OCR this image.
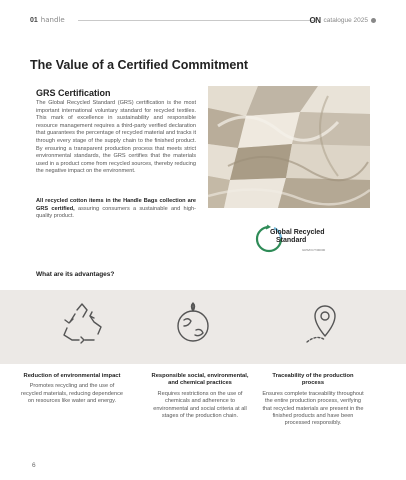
01 handle	ON catalogue 2025
The Value of a Certified Commitment
GRS Certification

The Global Recycled Standard (GRS) certification is the most important international voluntary standard for recycled textiles. This mark of excellence in sustainability and responsible resource management requires a third-party verified declaration that guarantees the percentage of recycled material and tracks it through every stage of the supply chain to the finished product. By ensuring a transparent production process that meets strict environmental standards, the GRS certifies that the materials used in a product come from recycled sources, thereby reducing the negative impact on the environment.

All recycled cotton items in the Handle Bags collection are GRS certified, assuring consumers a sustainable and high-quality product.

Global Recycled
Standard
GRS/FC/T/00000
What are its advantages?
Reduction of environmental impact
Promotes recycling and the use of recycled materials, reducing dependence on resources like water and energy.
Responsible social, environmental, and chemical practices
Requires restrictions on the use of chemicals and adherence to environmental and social criteria at all stages of the production chain.
Traceability of the production process
Ensures complete traceability throughout the entire production process, verifying that recycled materials are present in the finished products and have been processed responsibly.
6
